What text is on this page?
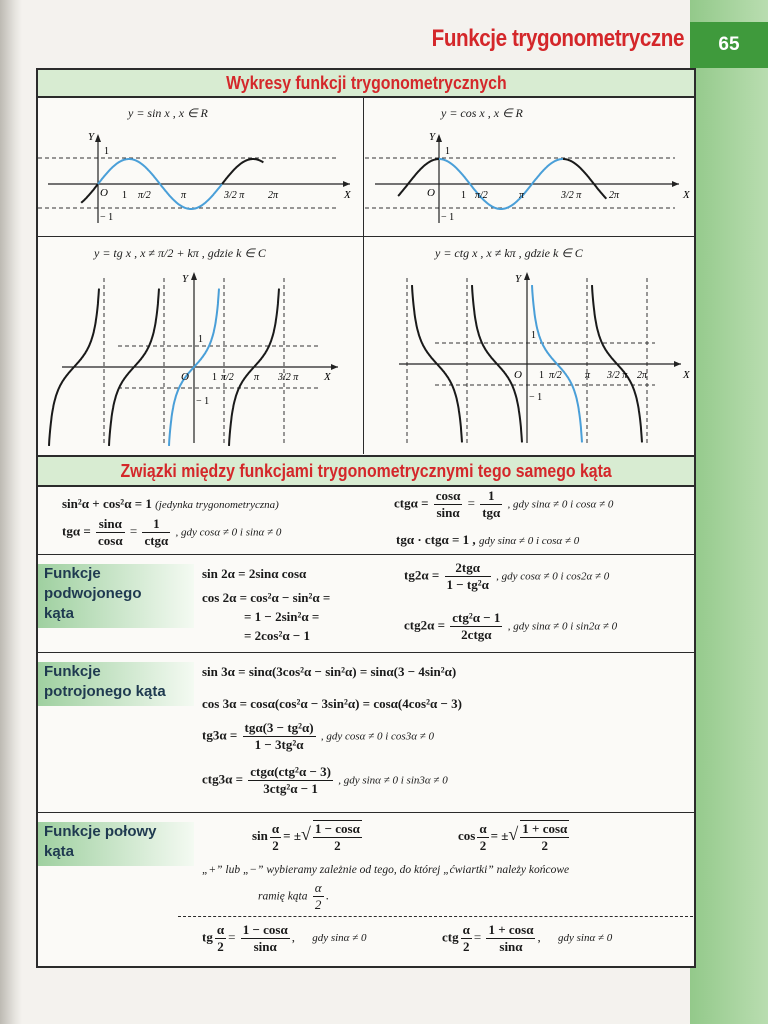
65
Funkcje trygonometryczne
Wykresy funkcji trygonometrycznych
y = sin x , x ∈ R
Y
1
− 1
O	X
1 π/2	π	3/2 π 2π
y = cos x , x ∈ R
Y
1
− 1
O	X
1 π/2	π	3/2 π	2π
y = tg x , x ≠ π/2 + kπ , gdzie k ∈ C
Y
1
− 1
O	X
1 π/2 π 3/2 π
y = ctg x , x ≠ kπ , gdzie k ∈ C
Y
1
− 1
O	X
1 π/2 π 3/2 π 2π
Związki między funkcjami trygonometrycznymi tego samego kąta
sin²α + cos²α = 1 (jedynka trygonometryczna)
$tg\alpha = \frac{\sin\alpha}{\cos\alpha} = \frac{1}{\text{ctgα}}$ , gdy cosα ≠ 0 i sinα ≠ 0
$ctg\alpha = \frac{\cos\alpha}{\sin\alpha} = \frac{1}{\text{tgα}}$ , gdy sinα ≠ 0 i cosα ≠ 0
tgα · ctgα = 1 , gdy sinα ≠ 0 i cosα ≠ 0
Funkcje
podwojonego
kąta
sin 2α = 2sinα cosα
cos 2α = cos²α − sin²α =
= 1 − 2sin²α =
= 2cos²α − 1
$tg2\alpha = \frac{\text{2tgα}}{\text{1 − tg²α}}$ , gdy cosα ≠ 0 i cos2α ≠ 0
$ctg2\alpha = \frac{\text{ctg²α − 1}}{\text{2ctgα}}$ , gdy sinα ≠ 0 i sin2α ≠ 0
Funkcje
potrojonego kąta
sin 3α = sinα(3cos²α − sin²α) = sinα(3 − 4sin²α)
cos 3α = cosα(cos²α − 3sin²α) = cosα(4cos²α − 3)
$tg3\alpha = \frac{\text{tgα(3 − tg²α)}}{\text{1 − 3tg²α}}$ , gdy cosα ≠ 0 i cos3α ≠ 0
$ctg3\alpha = \frac{\text{ctgα(ctg²α − 3)}}{\text{3ctg²α − 1}}$ , gdy sinα ≠ 0 i sin3α ≠ 0
Funkcje połowy
kąta
$\sin \frac{\alpha}{2}$ = ±√ $\frac{1 - \cos\alpha}{2}$	$\cos \frac{\alpha}{2}$ = ±√ $\frac{1 + \cos\alpha}{2}$
„+” lub „−” wybieramy zależnie od tego, do której „ćwiartki” należy końcowe
ramię kąta $\frac{\alpha}{2}$ .
tg $\frac{\alpha}{2} = \frac{1 - \cos\alpha}{\sin\alpha}$ , gdy sinα ≠ 0	ctg $\frac{\alpha}{2} = \frac{1 + \cos\alpha}{\sin\alpha}$ , gdy sinα ≠ 0
